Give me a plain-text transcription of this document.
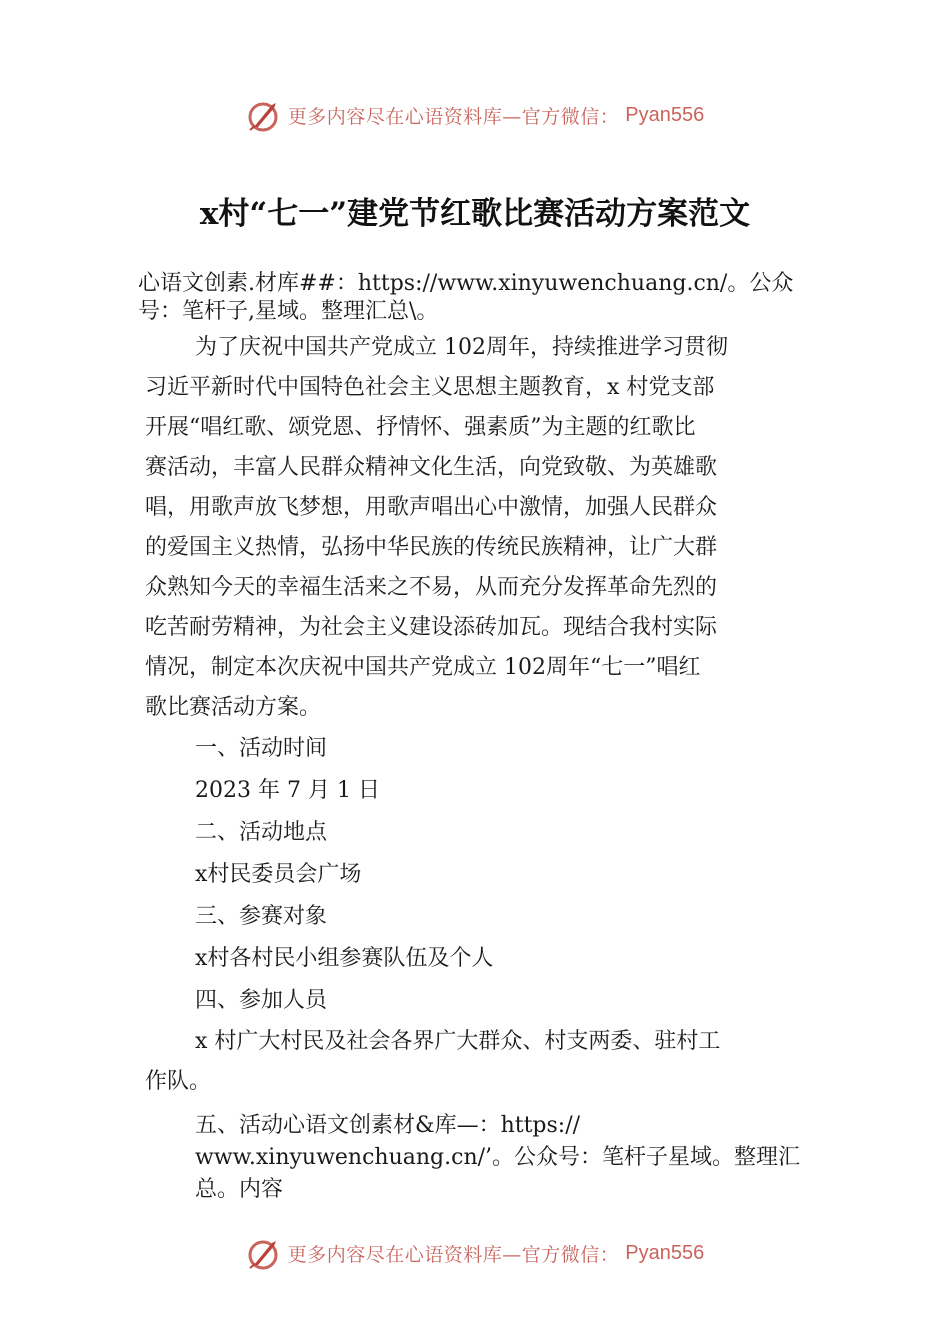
更多内容尽在心语资料库—官方微信： Pyan556
x村“七一”建党节红歌比赛活动方案范文
心语文创素.材库##：https://www.xinyuwenchuang.cn/。公众
号：笔杆子,星域。整理汇总\。
为了庆祝中国共产党成立 102周年，持续推进学习贯彻
习近平新时代中国特色社会主义思想主题教育，x 村党支部
开展“唱红歌、颂党恩、抒情怀、强素质”为主题的红歌比
赛活动，丰富人民群众精神文化生活，向党致敬、为英雄歌
唱，用歌声放飞梦想，用歌声唱出心中激情，加强人民群众
的爱国主义热情，弘扬中华民族的传统民族精神，让广大群
众熟知今天的幸福生活来之不易，从而充分发挥革命先烈的
吃苦耐劳精神，为社会主义建设添砖加瓦。现结合我村实际
情况，制定本次庆祝中国共产党成立 102周年“七一”唱红
歌比赛活动方案。
一、活动时间
2023 年 7 月 1 日
二、活动地点
x村民委员会广场
三、参赛对象
x村各村民小组参赛队伍及个人
四、参加人员
x 村广大村民及社会各界广大群众、村支两委、驻村工
作队。
五、活动心语文创素材&库—：https://
www.xinyuwenchuang.cn/’。公众号：笔杆子星域。整理汇
总。内容
更多内容尽在心语资料库—官方微信： Pyan556
